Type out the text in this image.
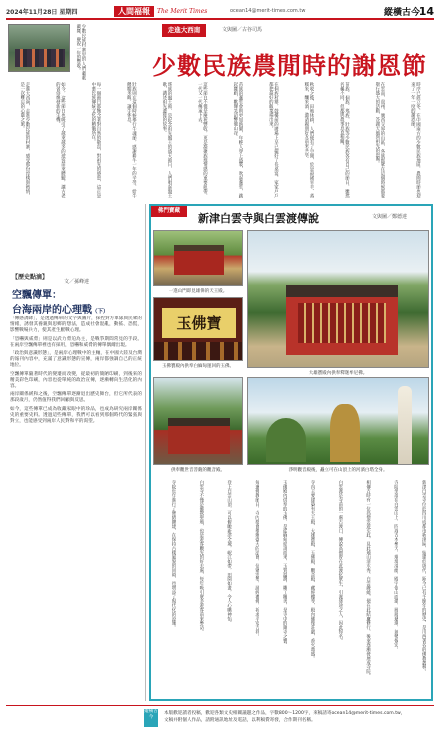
2024年11月28日 星期四	人間福報	The Merit Times	ocean14@merit-times.com.tw	縱橫古今
14
少數民族村寨里的人們載歌載舞，慶祝一年的豐收。	走進大西南	文與圖／古谷司馬
少數民族農閒時的謝恩節
時序已經立冬，在中國南方的少數民族地區，農閒時節也迎來了一年一度的謝恩節。
在雲南、貴州、廣西交界的山區，各族群眾在這個時候都要舉行盛大的活動，答謝天地與祖先的恩賜。
苗族、侗族、瑤族、壯族等少數民族各有自己的節日，雖然名稱不同，但都與農事息息相關。
秋收之後，田地休耕，人們便有了空閒，於是殺豬宰羊、蒸糯米、釀米酒，邀請親朋好友前來共享。
在侗族村寨，鼓樓前的廣場上早已擺好了長桌宴，家家戶戶都把最好的飯菜端出來。
苗族的蘆笙會則更加熱鬧，年輕人穿上盛裝，吹起蘆笙，跳起舞蹈，歡聲笑語響徹山谷。
這些節日不僅是慶祝豐收，更是凝聚族群情感的重要紐帶，一代又一代傳承下去。
瑤族的盤王節，是紀念祖先盤王的盛大節日，人們唱起盤王歌，講述祖先遷徙的故事。
壯族則在這個時候舉行牛魂節，感謝耕牛一年的辛勞，給牛餵糯米飯，讓牛休息。
每一個節日都飽含著對自然的敬畏，對祖先的感恩，這正是中華民族傳統文化的精髓所在。
如今，這些節日也吸引了越來越多的遊客前來體驗，讓古老的習俗煥發新的生機。
走進大西南，走進少數民族的村寨，感受那份淳樸與熱情，是一次難忘的心靈之旅。
【歷史點滴】
文／孫峰達
空飄傳單：
台海兩岸的心理戰（下）

「傳感誘降」，是透過傳單的文字與圖片，採控對方軍隊與民眾的情緒，誘發其養親與思鄉的想法，造成社會混亂，動搖、恐慌，影響戰場兵力，使其產生厭戰心理。

「恐嚇與威脅」則是以武力脅迫為主，是戰爭期間常見的手段。在兩岸空飄傳單裡也有採用，恐嚇和威脅的傳單偶爾出現。

「政治與意識形態」，是兩岸心理戰中的主軸，在中國大陸及台灣的報刊內容中，充滿了意識形態的宣傳，兩岸都強調自己的正統地位。

空飄傳單隨著時代的變遷而改變，從最初的簡陋印刷，到後來的精美彩色印刷，內容也從單純的政治宣傳，逐漸轉向生活化的內容。

兩岸關係緩和之後，空飄傳單逐漸退出歷史舞台，但它所代表的那段歲月，仍然值得我們回顧與反思。

如今，這些傳單已成為收藏家眼中的珍品，也成為研究兩岸關係史的重要史料。透過這些傳單，我們可以看到那個時代的緊張與對立，也能感受到兩岸人民對和平的渴望。

佛門寶藏
新津白雲寺與白雲渡傳說	文與圖／鄭德達
一進山門即見雄偉的天王殿。
大雄寶殿內供奉釋迦牟尼佛。
玉佛寶
玉佛寶殿內供奉白緬甸運回的玉佛。
供奉觀世音菩薩的觀音殿。	淨明觀音殿後，矗立可在山頂上的河濱白塔全身。
新津白雲寺位於四川成都市新津區，始建於唐代，距今已有千餘年的歷史，是川西著名的佛教叢林。
寺院坐落在白雲山上，四周古木參天，環境清幽，殿宇依山而建，層層遞進，氣勢恢宏。
相傳古時有一位高僧雲遊至此，見此地山清水秀，白雲繚繞，便在此結廬修行，後來逐漸發展成寺院。
白雲渡是寺前的一處古渡口，傳說高僧曾在此渡化眾生，引渡迷途之人，因此得名。
寺內主要建築有天王殿、大雄寶殿、玉佛殿、觀音殿、藏經樓等，殿內佛像莊嚴，香火鼎盛。
玉佛殿內供奉的玉佛，是從緬甸迎請而來，玉質溫潤，雕工精美，是寺中的鎮寺之寶。
每逢佛教節日，寺內都會舉辦盛大的法會，信眾雲集，誦經禮佛，祈求平安吉祥。
登上白雲山頂，可以俯瞰新津全城，岷江如帶，田園如畫，令人心曠神怡。
白雲寺不僅是佛教聖地，也是遊客觀光的好去處，每年吸引眾多遊客前來參訪。
寺院近年進行了修繕擴建，在保持古樸風貌的同時，也增添了現代化的設施。
縱橫古今
本版歡迎讀者投稿，歡迎各類文史相關議題之作品，字數800～1200字，來稿請寄ocean14@merit-times.com.tw，
文稿并附個人作品，請附通訊地址及電話，以利稿費寄發，合作期刊名稱。
